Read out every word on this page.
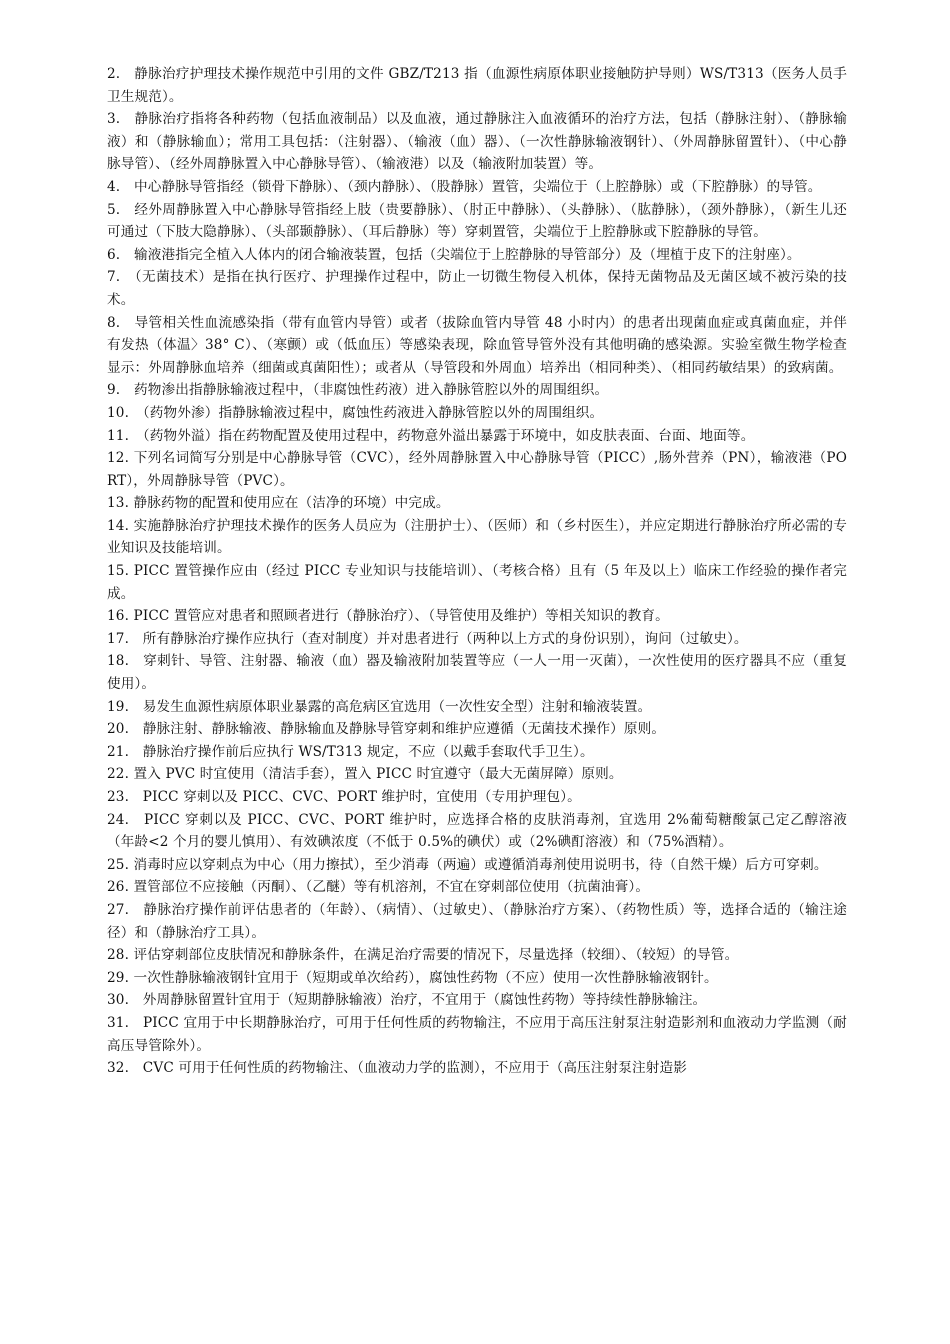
2.　静脉治疗护理技术操作规范中引用的文件 GBZ/T213 指（血源性病原体职业接触防护导则）WS/T313（医务人员手卫生规范）。

3.　静脉治疗指将各种药物（包括血液制品）以及血液，通过静脉注入血液循环的治疗方法，包括（静脉注射）、（静脉输液）和（静脉输血）；常用工具包括：（注射器）、（输液（血）器）、（一次性静脉输液钢针）、（外周静脉留置针）、（中心静脉导管）、（经外周静脉置入中心静脉导管）、（输液港）以及（输液附加装置）等。

4.　中心静脉导管指经（锁骨下静脉）、（颈内静脉）、（股静脉）置管，尖端位于（上腔静脉）或（下腔静脉）的导管。

5.　经外周静脉置入中心静脉导管指经上肢（贵要静脉）、（肘正中静脉）、（头静脉）、（肱静脉），（颈外静脉），（新生儿还可通过（下肢大隐静脉）、（头部颞静脉）、（耳后静脉）等）穿刺置管，尖端位于上腔静脉或下腔静脉的导管。

6.　输液港指完全植入人体内的闭合输液装置，包括（尖端位于上腔静脉的导管部分）及（埋植于皮下的注射座）。

7.　（无菌技术）是指在执行医疗、护理操作过程中，防止一切微生物侵入机体，保持无菌物品及无菌区域不被污染的技术。

8.　导管相关性血流感染指（带有血管内导管）或者（拔除血管内导管 48 小时内）的患者出现菌血症或真菌血症，并伴有发热（体温〉38° C）、（寒颤）或（低血压）等感染表现，除血管导管外没有其他明确的感染源。实验室微生物学检查显示：外周静脉血培养（细菌或真菌阳性）；或者从（导管段和外周血）培养出（相同种类）、（相同药敏结果）的致病菌。

9.　药物渗出指静脉输液过程中，（非腐蚀性药液）进入静脉管腔以外的周围组织。

10.　（药物外渗）指静脉输液过程中，腐蚀性药液进入静脉管腔以外的周围组织。

11.　（药物外溢）指在药物配置及使用过程中，药物意外溢出暴露于环境中，如皮肤表面、台面、地面等。

12. 下列名词简写分别是中心静脉导管（CVC），经外周静脉置入中心静脉导管（PICC）,肠外营养（PN），输液港（PORT），外周静脉导管（PVC）。

13. 静脉药物的配置和使用应在（洁净的环境）中完成。

14. 实施静脉治疗护理技术操作的医务人员应为（注册护士）、（医师）和（乡村医生），并应定期进行静脉治疗所必需的专业知识及技能培训。

15. PICC 置管操作应由（经过 PICC 专业知识与技能培训）、（考核合格）且有（5 年及以上）临床工作经验的操作者完成。

16. PICC 置管应对患者和照顾者进行（静脉治疗）、（导管使用及维护）等相关知识的教育。

17.　所有静脉治疗操作应执行（查对制度）并对患者进行（两种以上方式的身份识别），询问（过敏史）。

18.　穿刺针、导管、注射器、输液（血）器及输液附加装置等应（一人一用一灭菌），一次性使用的医疗器具不应（重复使用）。

19.　易发生血源性病原体职业暴露的高危病区宜选用（一次性安全型）注射和输液装置。

20.　静脉注射、静脉输液、静脉输血及静脉导管穿刺和维护应遵循（无菌技术操作）原则。

21.　静脉治疗操作前后应执行 WS/T313 规定，不应（以戴手套取代手卫生）。

22. 置入 PVC 时宜使用（清洁手套），置入 PICC 时宜遵守（最大无菌屏障）原则。

23.　PICC 穿刺以及 PICC、CVC、PORT 维护时，宜使用（专用护理包）。

24.　PICC 穿刺以及 PICC、CVC、PORT 维护时，应选择合格的皮肤消毒剂，宜选用 2%葡萄糖酸氯己定乙醇溶液（年龄<2 个月的婴儿慎用）、有效碘浓度（不低于 0.5%的碘伏）或（2%碘酊溶液）和（75%酒精）。

25. 消毒时应以穿刺点为中心（用力擦拭），至少消毒（两遍）或遵循消毒剂使用说明书，待（自然干燥）后方可穿刺。

26. 置管部位不应接触（丙酮）、（乙醚）等有机溶剂，不宜在穿刺部位使用（抗菌油膏）。

27.　静脉治疗操作前评估患者的（年龄）、（病情）、（过敏史）、（静脉治疗方案）、（药物性质）等，选择合适的（输注途径）和（静脉治疗工具）。

28. 评估穿刺部位皮肤情况和静脉条件，在满足治疗需要的情况下，尽量选择（较细）、（较短）的导管。

29. 一次性静脉输液钢针宜用于（短期或单次给药），腐蚀性药物（不应）使用一次性静脉输液钢针。

30.　外周静脉留置针宜用于（短期静脉输液）治疗，不宜用于（腐蚀性药物）等持续性静脉输注。

31.　PICC 宜用于中长期静脉治疗，可用于任何性质的药物输注，不应用于高压注射泵注射造影剂和血液动力学监测（耐高压导管除外）。

32.　CVC 可用于任何性质的药物输注、（血液动力学的监测），不应用于（高压注射泵注射造影
